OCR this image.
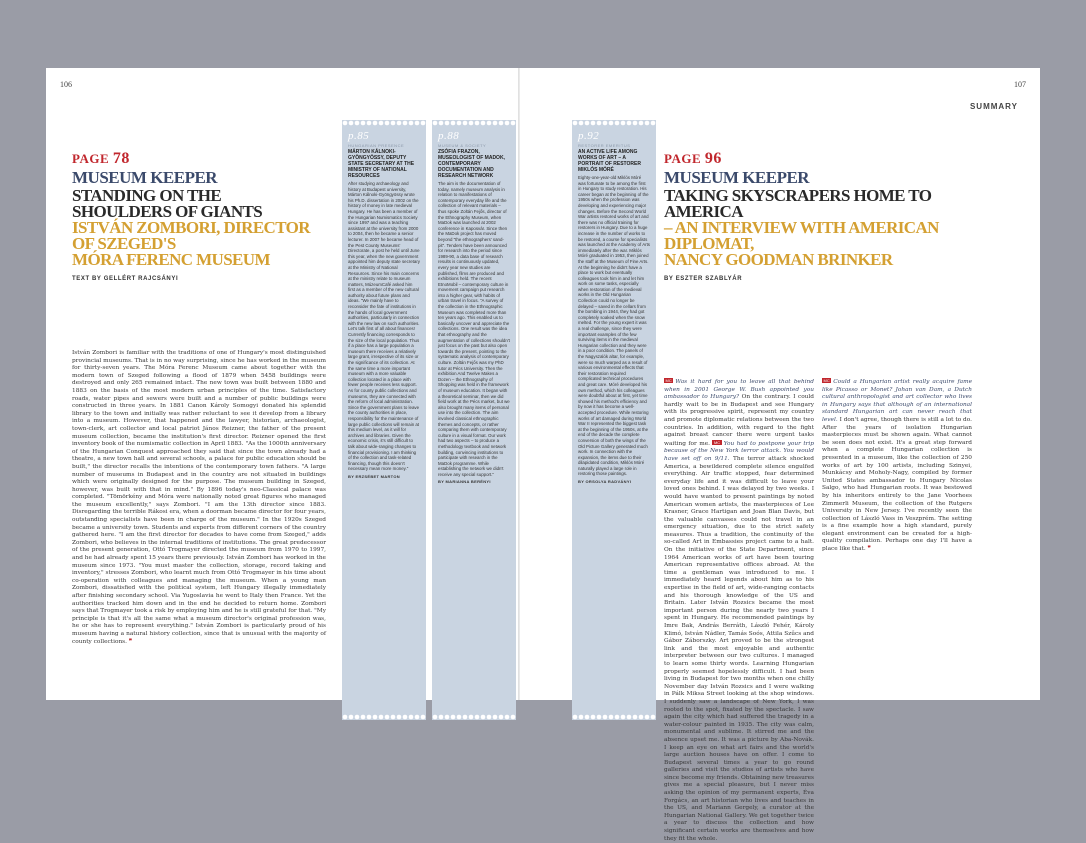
106
PAGE 78
MUSEUM KEEPER
STANDING ON THE SHOULDERS OF GIANTS
ISTVÁN ZOMBORI, DIRECTOR OF SZEGED'S
MÓRA FERENC MUSEUM
TEXT BY GELLÉRT RAJCSÁNYI
István Zombori is familiar with the traditions of one of Hungary's most distinguished provincial museums. That is in no way surprising, since he has worked in the museum for thirty-seven years. The Móra Ferenc Museum came about together with the modern town of Szeged following a flood of 1879 when 5458 buildings were destroyed and only 265 remained intact. The new town was built between 1880 and 1883 on the basis of the most modern urban principles of the time. Satisfactory roads, water pipes and sewers were built and a number of public buildings were constructed in three years. In 1881 Canon Károly Somogyi donated his splendid library to the town and initially was rather reluctant to see it develop from a library into a museum. However, that happened and the lawyer, historian, archaeologist, town-clerk, art collector and local patriot János Reizner, the father of the present museum collection, became the institution's first director. Reizner opened the first inventory book of the numismatic collection in April 1883. "As the 1000th anniversary of the Hungarian Conquest approached they said that since the town already had a theatre, a new town hall and several schools, a palace for public education should be built," the director recalls the intentions of the contemporary town fathers. "A large number of museums in Budapest and in the country are not situated in buildings which were originally designed for the purpose. The museum building in Szeged, however, was built with that in mind." By 1896 today's neo-Classical palace was completed. "Tömörkény and Móra were nationally noted great figures who managed the museum excellently," says Zombori. "I am the 13th director since 1883. Disregarding the terrible Rákosi era, when a doorman became director for four years, outstanding specialists have been in charge of the museum." In the 1920s Szeged became a university town. Students and experts from different corners of the country gathered here. "I am the first director for decades to have come from Szeged," adds Zombori, who believes in the internal traditions of institutions. The great predecessor of the present generation, Ottó Trogmayer directed the museum from 1970 to 1997, and he had already spent 15 years there previously. István Zombori has worked in the museum since 1973. "You must master the collection, storage, record taking and inventory," stresses Zombori, who learnt much from Ottó Trogmayer in his time about co-operation with colleagues and managing the museum. When a young man Zombori, dissatisfied with the political system, left Hungary illegally immediately after finishing secondary school. Via Yugoslavia he went to Italy then France. Yet the authorities tracked him down and in the end he decided to return home. Zombori says that Trogmayer took a risk by employing him and he is still grateful for that. "My principle is that it's all the same what a museum director's original profession was, he or she has to represent everything." István Zombori is particularly proud of his museum having a natural history collection, since that is unusual with the majority of county collections. ❞
p.85
HUNGARIAN PRESENCE
MÁRTON KÁLNOKI-GYÖNGYÖSSY, DEPUTY STATE SECRETARY AT THE MINISTRY OF NATIONAL RESOURCES
After studying archaeology and history at Budapest university, Márton Kálnoki-Gyöngyössy wrote his Ph.D. dissertation in 2002 on the history of money in late medieval Hungary. He has been a member of the Hungarian Numismatics Society since 1997 and was a teaching assistant at the university from 2000 to 2004, then he became a senior lecturer. In 2007 he became head of the Pest County Museums' Directorate, a post he held until June this year, when the new government appointed him deputy state secretary at the Ministry of National Resources. Since his main concerns at the ministry relate to museum matters, MúzeumCafé asked him first as a member of the new cultural authority about future plans and ideas. "We mainly have to reconsider the fate of institutions in the hands of local government authorities, particularly in connection with the new law on such authorities. Let's talk first of all about finances! Currently financing corresponds to the size of the local population. Thus if a place has a large population a museum there receives a relatively large grant, irrespective of its size or the significance of its collection. At the same time a more important museum with a more valuable collection located in a place with fewer people receives less support. As for county public collections and museums, they are connected with the reform of local administration. Since the government plans to leave the county authorities in place, responsibility for the maintenance of large public collections will remain at this medium level, as it will for archives and libraries. Given the economic crisis, it's still difficult to talk about wide-ranging changes to financial provisioning. I am thinking of the collection and task-related financing, though this doesn't necessary mean more money."
BY ERZSÉBET MARTON
p.88
MUSEUM & SOCIETY
ZSÓFIA FRAZON, MUSEOLOGIST OF MADOK, CONTEMPORARY DOCUMENTATION AND RESEARCH NETWORK
The aim is the documentation of today, namely museum analysis in relation to manifestations of contemporary everyday life and the collection of relevant materials – thus spoke Zoltán Fejős, director of the Ethnography Museum, when MaDok was launched at 2002 conference in Kaposvár. Since then the MaDok project has moved beyond "the ethnographers' sand-pit". Tenders have been announced for research into the period since 1989-90, a data base of research results is continuously updated, every year new studies are published, films are produced and exhibitions held. The recent EtnoMobil – contemporary culture in movement campaign put research into a higher gear, with habits of urban travel in focus. "A survey of the collection in the Ethnographic Museum was completed more than ten years ago. This enabled us to basically uncover and appreciate the collections. One result was the idea that ethnography and the augmentation of collections shouldn't just focus on the past but also open towards the present, pointing to the systematic analysis of contemporary culture. Zoltán Fejős was my PhD tutor at Pécs University. Then the exhibition And Twelve Makes a Dozen – the Ethnography of Shopping was held in the framework of museum education. It began with a theoretical seminar, then we did field work at the Pécs market, but we also brought many items of personal use into the collection. The aim involved classical ethnographic themes and concepts, or rather comparing them with contemporary culture in a visual format. Our work had two aspects – to produce a methodology textbook and network building, convincing institutions to participate with research in the MaDok programme. While establishing the network we didn't receive any special support."
BY MARIANNA BERÉNYI
107
SUMMARY
p.92
RESTORER EMERITUS
AN ACTIVE LIFE AMONG WORKS OF ART – A PORTRAIT OF RESTORER MIKLÓS MÓRÉ
Eighty-one-year-old Miklós Móré was fortunate to be among the first in Hungary to study restoration. His career began at the beginning of the 1950s when the profession was developing and experiencing major changes. Before the Second World War artists restored works of art and there was no official training for restorers in Hungary. Due to a huge increase in the number of works to be restored, a course for specialists was launched at the Academy of Arts immediately after the war. Miklós Móré graduated in 1953, then joined the staff at the Museum of Fine Arts. At the beginning he didn't have a place to work but eventually colleagues took him in and let him work on some tasks, especially when restoration of the medieval works in the Old Hungarian Collection could no longer be delayed – saved in the cellars from the bombing in 1944, they had got completely soaked when the snow melted. For the young expert it was a real challenge, since they were important examples of the few surviving items in the medieval Hungarian collection and they were in a poor condition. The panels of the Nagyszalók altar, for example, were so much warped as a result of various environmental effects that their restoration required complicated technical procedures and great care. Móré developed his own method, which his colleagues were doubtful about at first, yet time showed his method's efficiency and by now it has become a well-accepted procedure. While restoring works of art damaged during World War II represented the biggest task at the beginning of the 1950s, at the end of the decade the complete conversion of both the wings of the Old Picture Gallery generated much work. In connection with the expansion, the items due to their dilapidated condition, Miklós Móré naturally played a large role in restoring those paintings.
BY ORSOLYA RADVÁNYI
PAGE 96
MUSEUM KEEPER
TAKING SKYSCRAPERS HOME TO AMERICA
– AN INTERVIEW WITH AMERICAN DIPLOMAT,
NANCY GOODMAN BRINKER
BY ESZTER SZABLYÁR
MC Was it hard for you to leave all that behind when in 2001 George W. Bush appointed you ambassador to Hungary? On the contrary. I could hardly wait to be in Budapest and see Hungary with its progressive spirit, represent my country and promote diplomatic relations between the two countries. In addition, with regard to the fight against breast cancer there were urgent tasks waiting for me. MC You had to postpone your trip because of the New York terror attack. You would have set off on 9/11. The terror attack shocked America, a bewildered complete silence engulfed everything. Air traffic stopped, fear determined everyday life and it was difficult to leave your loved ones behind. I was delayed by two weeks. I would have wanted to present paintings by noted American women artists, the masterpieces of Lee Krasner, Grace Hartigan and Joan Blan Davis, but the valuable canvasses could not travel in an emergency situation, due to the strict safety measures. Thus a tradition, the continuity of the so-called Art in Embassies project came to a halt. On the initiative of the State Department, since 1964 American works of art have been touring American representative offices abroad. At the time a gentleman was introduced to me. I immediately heard legends about him as to his expertise in the field of art, wide-ranging contacts and his thorough knowledge of the US and Britain. Later István Rozsics became the most important person during the nearly two years I spent in Hungary. He recommended paintings by Imre Bak, András Berráth, László Fehér, Károly Klimó, István Nádler, Tamás Soós, Attila Szűcs and Gábor Záborszky. Art proved to be the strongest link and the most enjoyable and authentic interpreter between our two cultures. I managed to learn some thirty words. Learning Hungarian properly seemed hopelessly difficult. I had been living in Budapest for two months when one chilly November day István Rozsics and I were walking in Pálk Miksa Street looking at the shop windows. I suddenly saw a landscape of New York, I was rooted to the spot, fixated by the spectacle. I saw again the city which had suffered the tragedy in a water-colour painted in 1935. The city was calm, monumental and sublime. It stirred me and the absence upset me. It was a picture by Aba-Novák. I keep an eye on what art fairs and the world's large auction houses have on offer. I come to Budapest several times a year to go round galleries and visit the studios of artists who have since become my friends. Obtaining new treasures gives me a special pleasure, but I never miss asking the opinion of my permanent experts, Éva Forgács, an art historian who lives and teaches in the US, and Mariann Gergely, a curator at the Hungarian National Gallery. We get together twice a year to discuss the collection and how significant certain works are themselves and how they fit the whole.
MC Could a Hungarian artist really acquire fame like Picasso or Monet? Johan van Dam, a Dutch cultural anthropologist and art collector who lives in Hungary says that although of an international standard Hungarian art can never reach that level. I don't agree, though there is still a lot to do. After the years of isolation Hungarian masterpieces must be shown again. What cannot be seen does not exist. It's a great step forward when a complete Hungarian collection is presented in a museum, like the collection of 250 works of art by 100 artists, including Szinyei, Munkácsy and Moholy-Nagy, compiled by former United States ambassador to Hungary Nicolas Salgo, who had Hungarian roots. It was bestowed by his inheritors entirely to the Jane Voorhees Zimmerli Museum, the collection of the Rutgers University in New Jersey. I've recently seen the collection of László Vass in Veszprém. The setting is a fine example how a high standard, purely elegant environment can be created for a high-quality compilation. Perhaps one day I'll have a place like that. ❞
